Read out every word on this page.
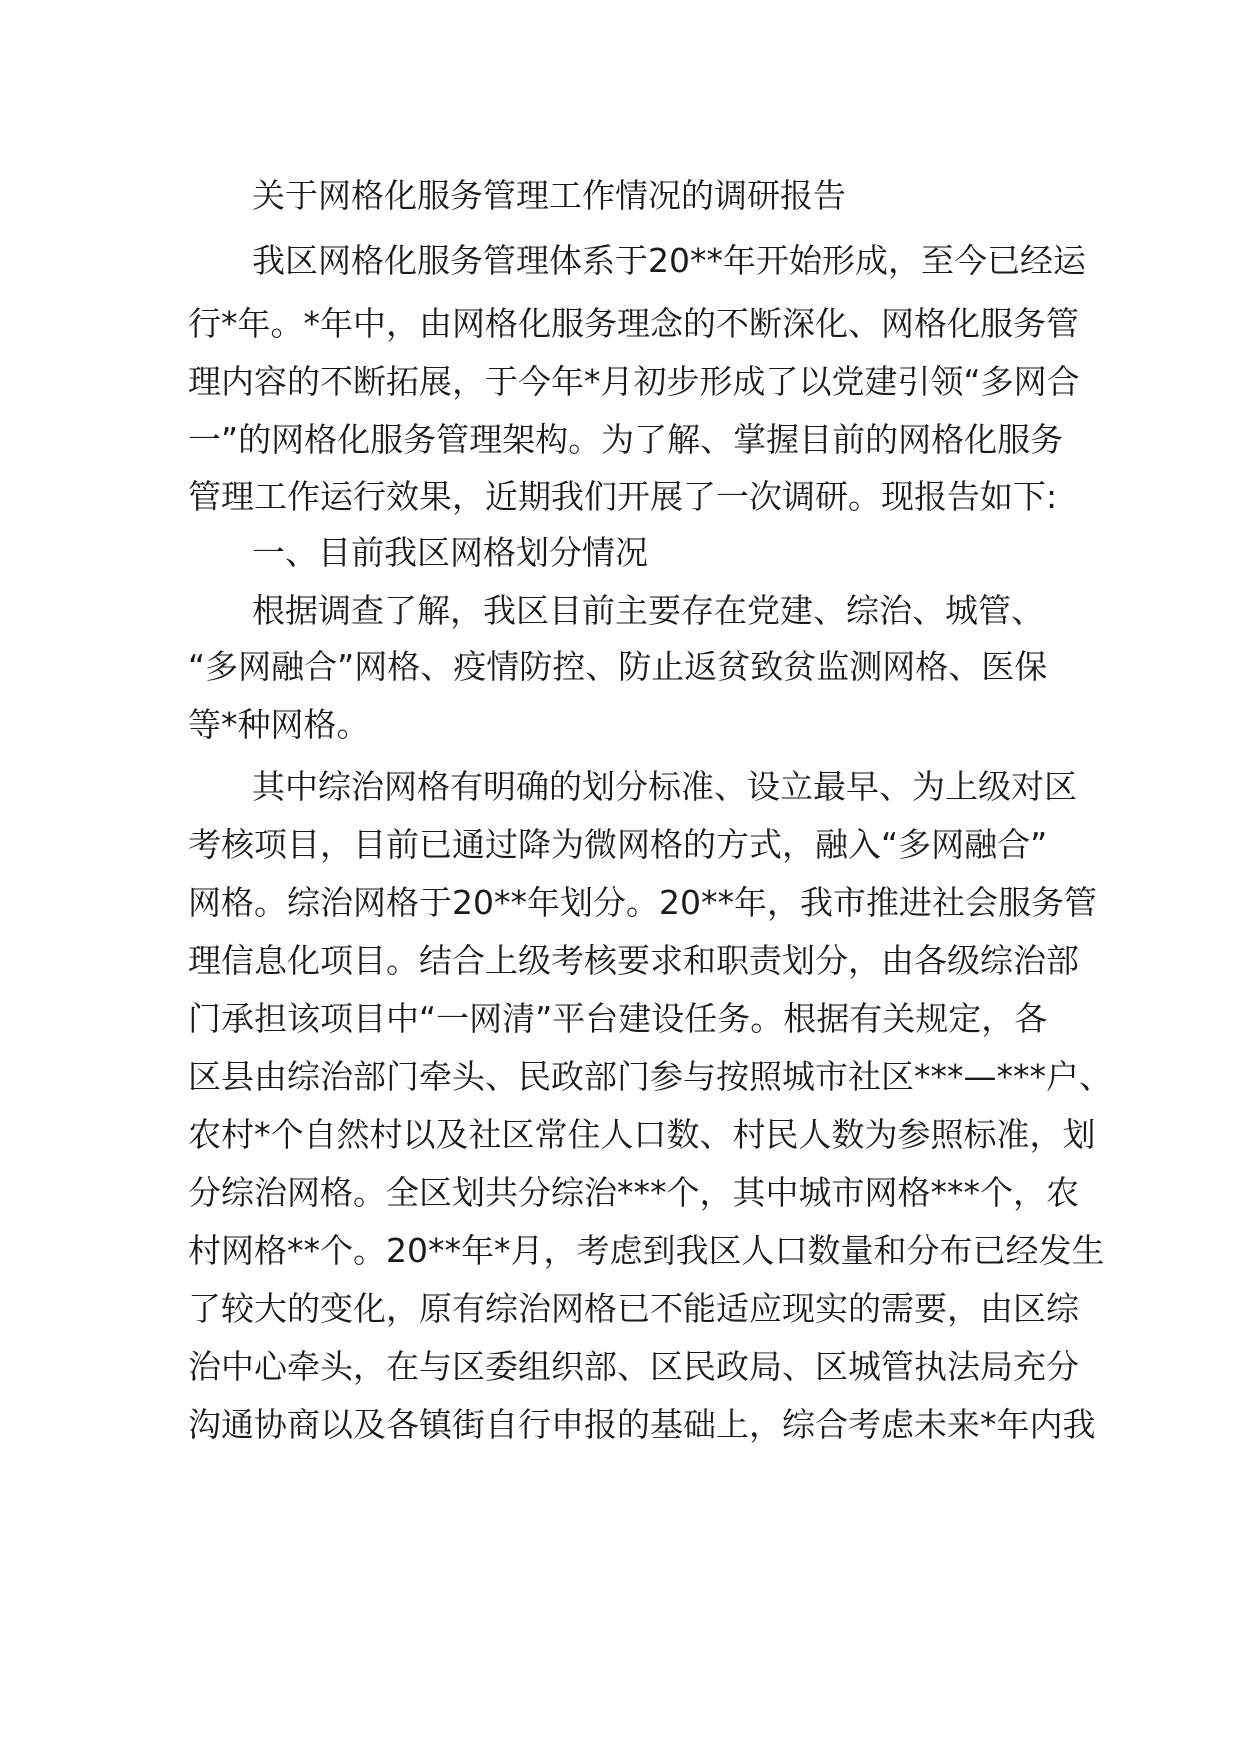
关于网格化服务管理工作情况的调研报告
我区网格化服务管理体系于20**年开始形成，至今已经运
行*年。*年中，由网格化服务理念的不断深化、网格化服务管
理内容的不断拓展，于今年*月初步形成了以党建引领“多网合
一”的网格化服务管理架构。为了解、掌握目前的网格化服务
管理工作运行效果，近期我们开展了一次调研。现报告如下:
一、目前我区网格划分情况
根据调查了解，我区目前主要存在党建、综治、城管、
“多网融合”网格、疫情防控、防止返贫致贫监测网格、医保
等*种网格。
其中综治网格有明确的划分标准、设立最早、为上级对区
考核项目，目前已通过降为微网格的方式，融入“多网融合”
网格。综治网格于20**年划分。20**年，我市推进社会服务管
理信息化项目。结合上级考核要求和职责划分，由各级综治部
门承担该项目中“一网清”平台建设任务。根据有关规定，各
区县由综治部门牵头、民政部门参与按照城市社区***—***户、
农村*个自然村以及社区常住人口数、村民人数为参照标准，划
分综治网格。全区划共分综治***个，其中城市网格***个，农
村网格**个。20**年*月，考虑到我区人口数量和分布已经发生
了较大的变化，原有综治网格已不能适应现实的需要，由区综
治中心牵头，在与区委组织部、区民政局、区城管执法局充分
沟通协商以及各镇街自行申报的基础上，综合考虑未来*年内我
